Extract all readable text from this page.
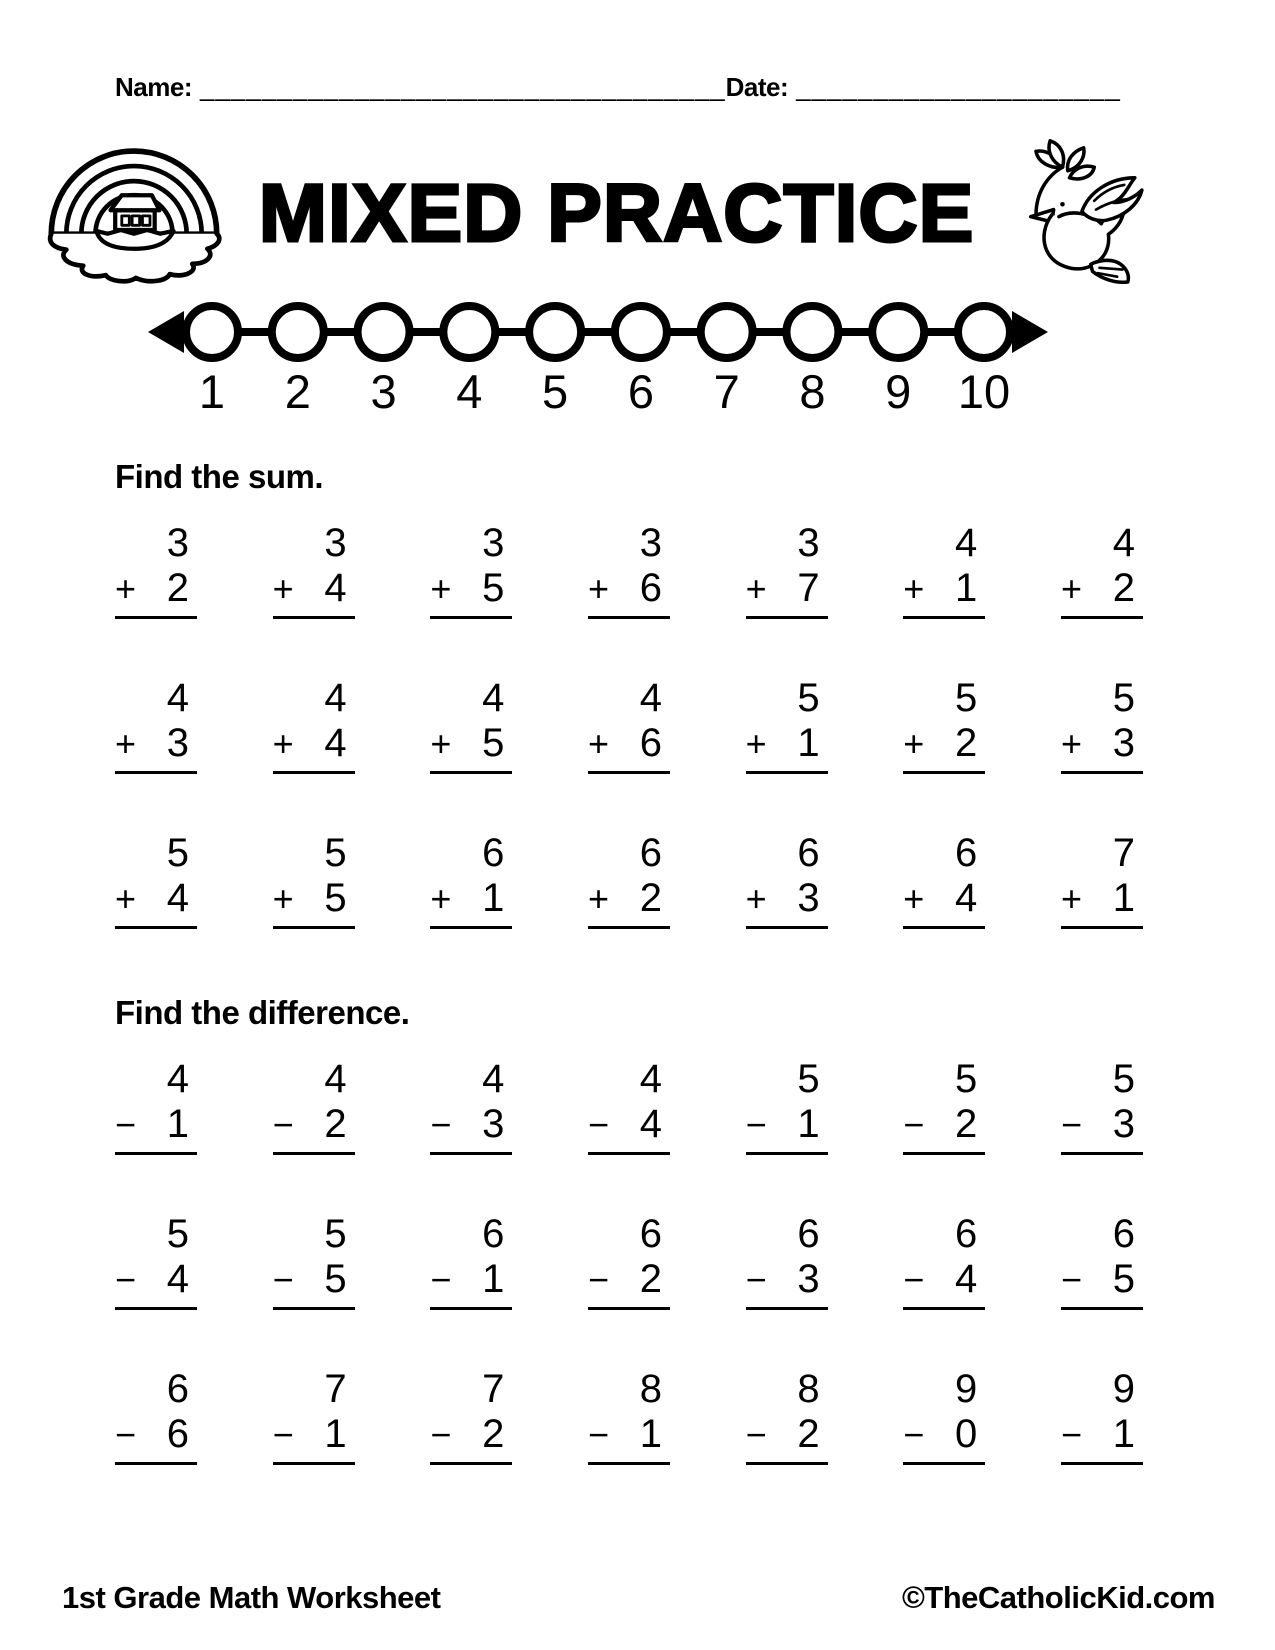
Name: __________________________________ Date: _____________________
MIXED PRACTICE
1 2 3 4 5 6 7 8 9 10
Find the sum.
3
+ 2
3
+ 4
3
+ 5
3
+ 6
3
+ 7
4
+ 1
4
+ 2
4
+ 3
4
+ 4
4
+ 5
4
+ 6
5
+ 1
5
+ 2
5
+ 3
5
+ 4
5
+ 5
6
+ 1
6
+ 2
6
+ 3
6
+ 4
7
+ 1
Find the difference.
4
− 1
4
− 2
4
− 3
4
− 4
5
− 1
5
− 2
5
− 3
5
− 4
5
− 5
6
− 1
6
− 2
6
− 3
6
− 4
6
− 5
6
− 6
7
− 1
7
− 2
8
− 1
8
− 2
9
− 0
9
− 1
1st Grade Math Worksheet	©TheCatholicKid.com
